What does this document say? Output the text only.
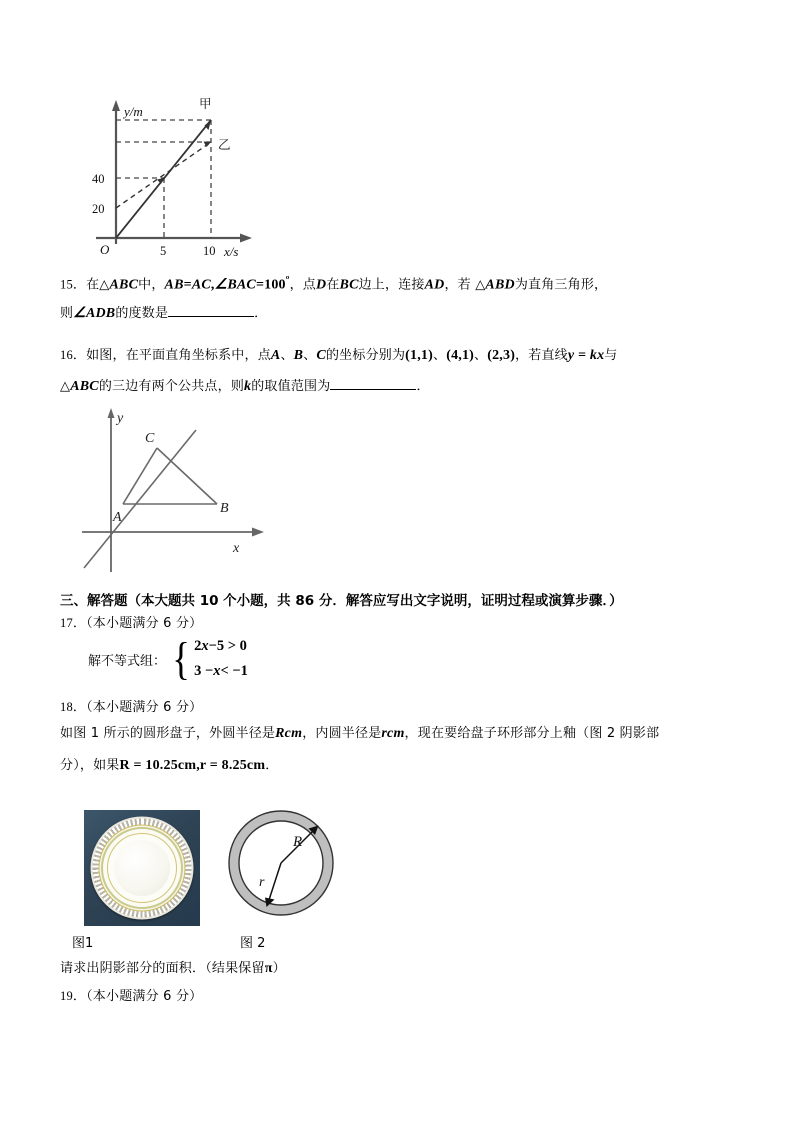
y/m
x/s
O
40
20
5	10
甲
乙
15．在△ABC中，$AB=AC,\angle BAC=100^º$，点D在BC边上，连接AD，若 △ABD为直角三角形，
则∠ADB的度数是	．
16．如图，在平面直角坐标系中，点A、B、C的坐标分别为(1,1)、(4,1)、(2,3)，若直线y = kx与
△ABC的三边有两个公共点，则k的取值范围为	．
A
B
C
y
x
三、解答题（本大题共 10 个小题，共 86 分．解答应写出文字说明，证明过程或演算步骤．）
17．（本小题满分 6 分）
解不等式组： { 2x−5 > 0
3 −x< −1
18．（本小题满分 6 分）
如图 1 所示的圆形盘子，外圆半径是Rcm，内圆半径是rcm，现在要给盘子环形部分上釉（图 2 阴影部
分），如果R = 10.25cm,r = 8.25cm．
R
r
图1	图 2
请求出阴影部分的面积．（结果保留π）
19．（本小题满分 6 分）
